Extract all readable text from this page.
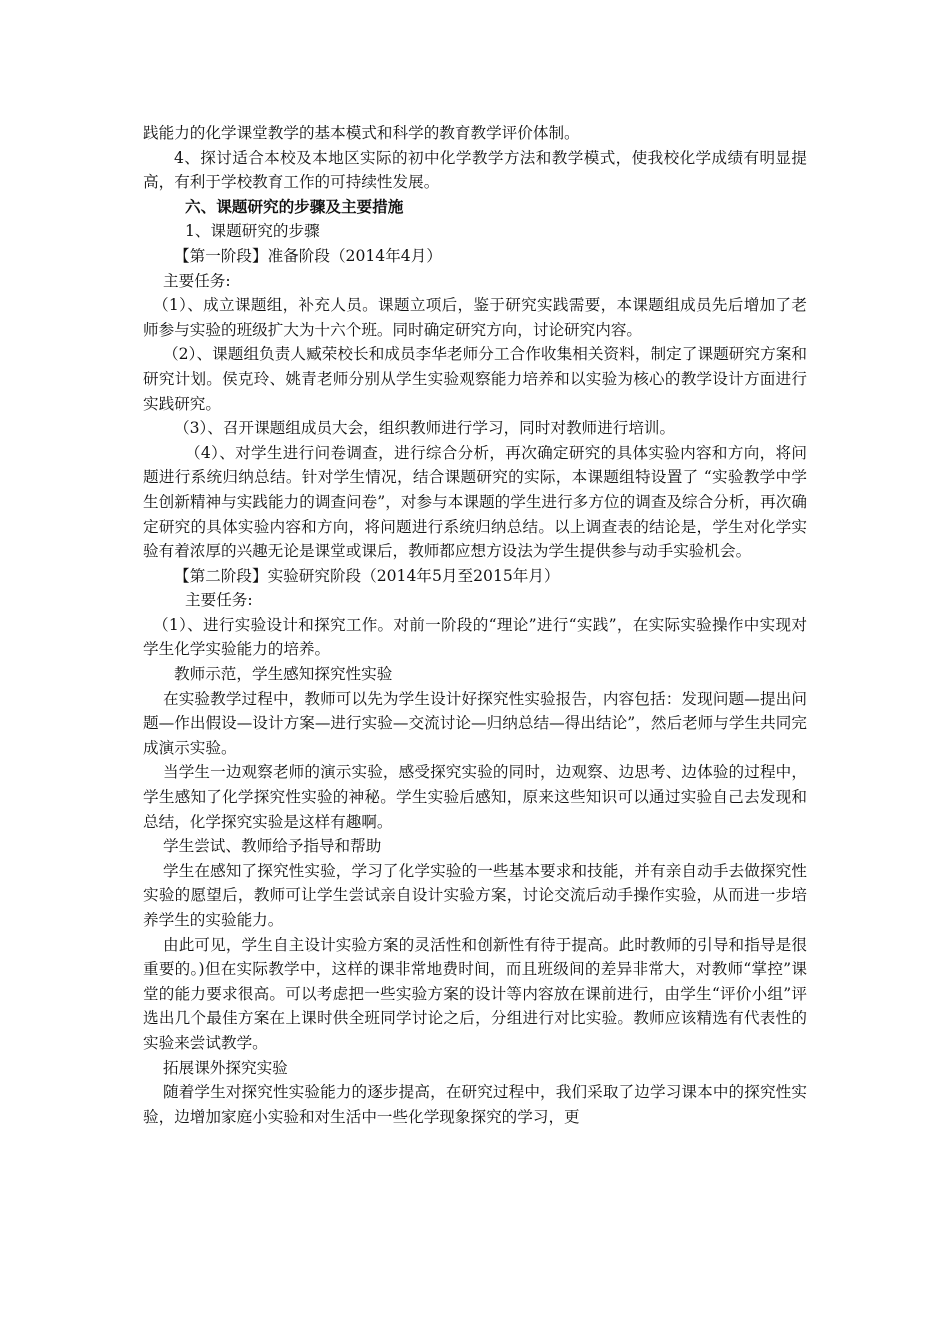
践能力的化学课堂教学的基本模式和科学的教育教学评价体制。

4、探讨适合本校及本地区实际的初中化学教学方法和教学模式，使我校化学成绩有明显提高，有利于学校教育工作的可持续性发展。

六、课题研究的步骤及主要措施

1、课题研究的步骤

【第一阶段】准备阶段（2014年4月）

主要任务:

（1）、成立课题组，补充人员。课题立项后，鉴于研究实践需要，本课题组成员先后增加了老师参与实验的班级扩大为十六个班。同时确定研究方向，讨论研究内容。

（2）、课题组负责人臧荣校长和成员李华老师分工合作收集相关资料，制定了课题研究方案和研究计划。侯克玲、姚青老师分别从学生实验观察能力培养和以实验为核心的教学设计方面进行实践研究。

（3）、召开课题组成员大会，组织教师进行学习，同时对教师进行培训。

（4）、对学生进行问卷调查，进行综合分析，再次确定研究的具体实验内容和方向，将问题进行系统归纳总结。针对学生情况，结合课题研究的实际，本课题组特设置了 “实验教学中学生创新精神与实践能力的调查问卷”，对参与本课题的学生进行多方位的调查及综合分析，再次确定研究的具体实验内容和方向，将问题进行系统归纳总结。以上调查表的结论是，学生对化学实验有着浓厚的兴趣无论是课堂或课后，教师都应想方设法为学生提供参与动手实验机会。

【第二阶段】实验研究阶段（2014年5月至2015年月）

主要任务:

（1）、进行实验设计和探究工作。对前一阶段的“理论”进行“实践”，在实际实验操作中实现对学生化学实验能力的培养。

教师示范，学生感知探究性实验

在实验教学过程中，教师可以先为学生设计好探究性实验报告，内容包括：发现问题—提出问题—作出假设—设计方案—进行实验—交流讨论—归纳总结—得出结论”，然后老师与学生共同完成演示实验。

当学生一边观察老师的演示实验，感受探究实验的同时，边观察、边思考、边体验的过程中，学生感知了化学探究性实验的神秘。学生实验后感知，原来这些知识可以通过实验自己去发现和总结，化学探究实验是这样有趣啊。

学生尝试、教师给予指导和帮助

学生在感知了探究性实验，学习了化学实验的一些基本要求和技能，并有亲自动手去做探究性实验的愿望后，教师可让学生尝试亲自设计实验方案，讨论交流后动手操作实验，从而进一步培养学生的实验能力。

由此可见，学生自主设计实验方案的灵活性和创新性有待于提高。此时教师的引导和指导是很重要的。)但在实际教学中，这样的课非常地费时间，而且班级间的差异非常大，对教师“掌控”课堂的能力要求很高。可以考虑把一些实验方案的设计等内容放在课前进行，由学生“评价小组”评选出几个最佳方案在上课时供全班同学讨论之后，分组进行对比实验。教师应该精选有代表性的实验来尝试教学。

拓展课外探究实验

随着学生对探究性实验能力的逐步提高，在研究过程中，我们采取了边学习课本中的探究性实验，边增加家庭小实验和对生活中一些化学现象探究的学习，更
